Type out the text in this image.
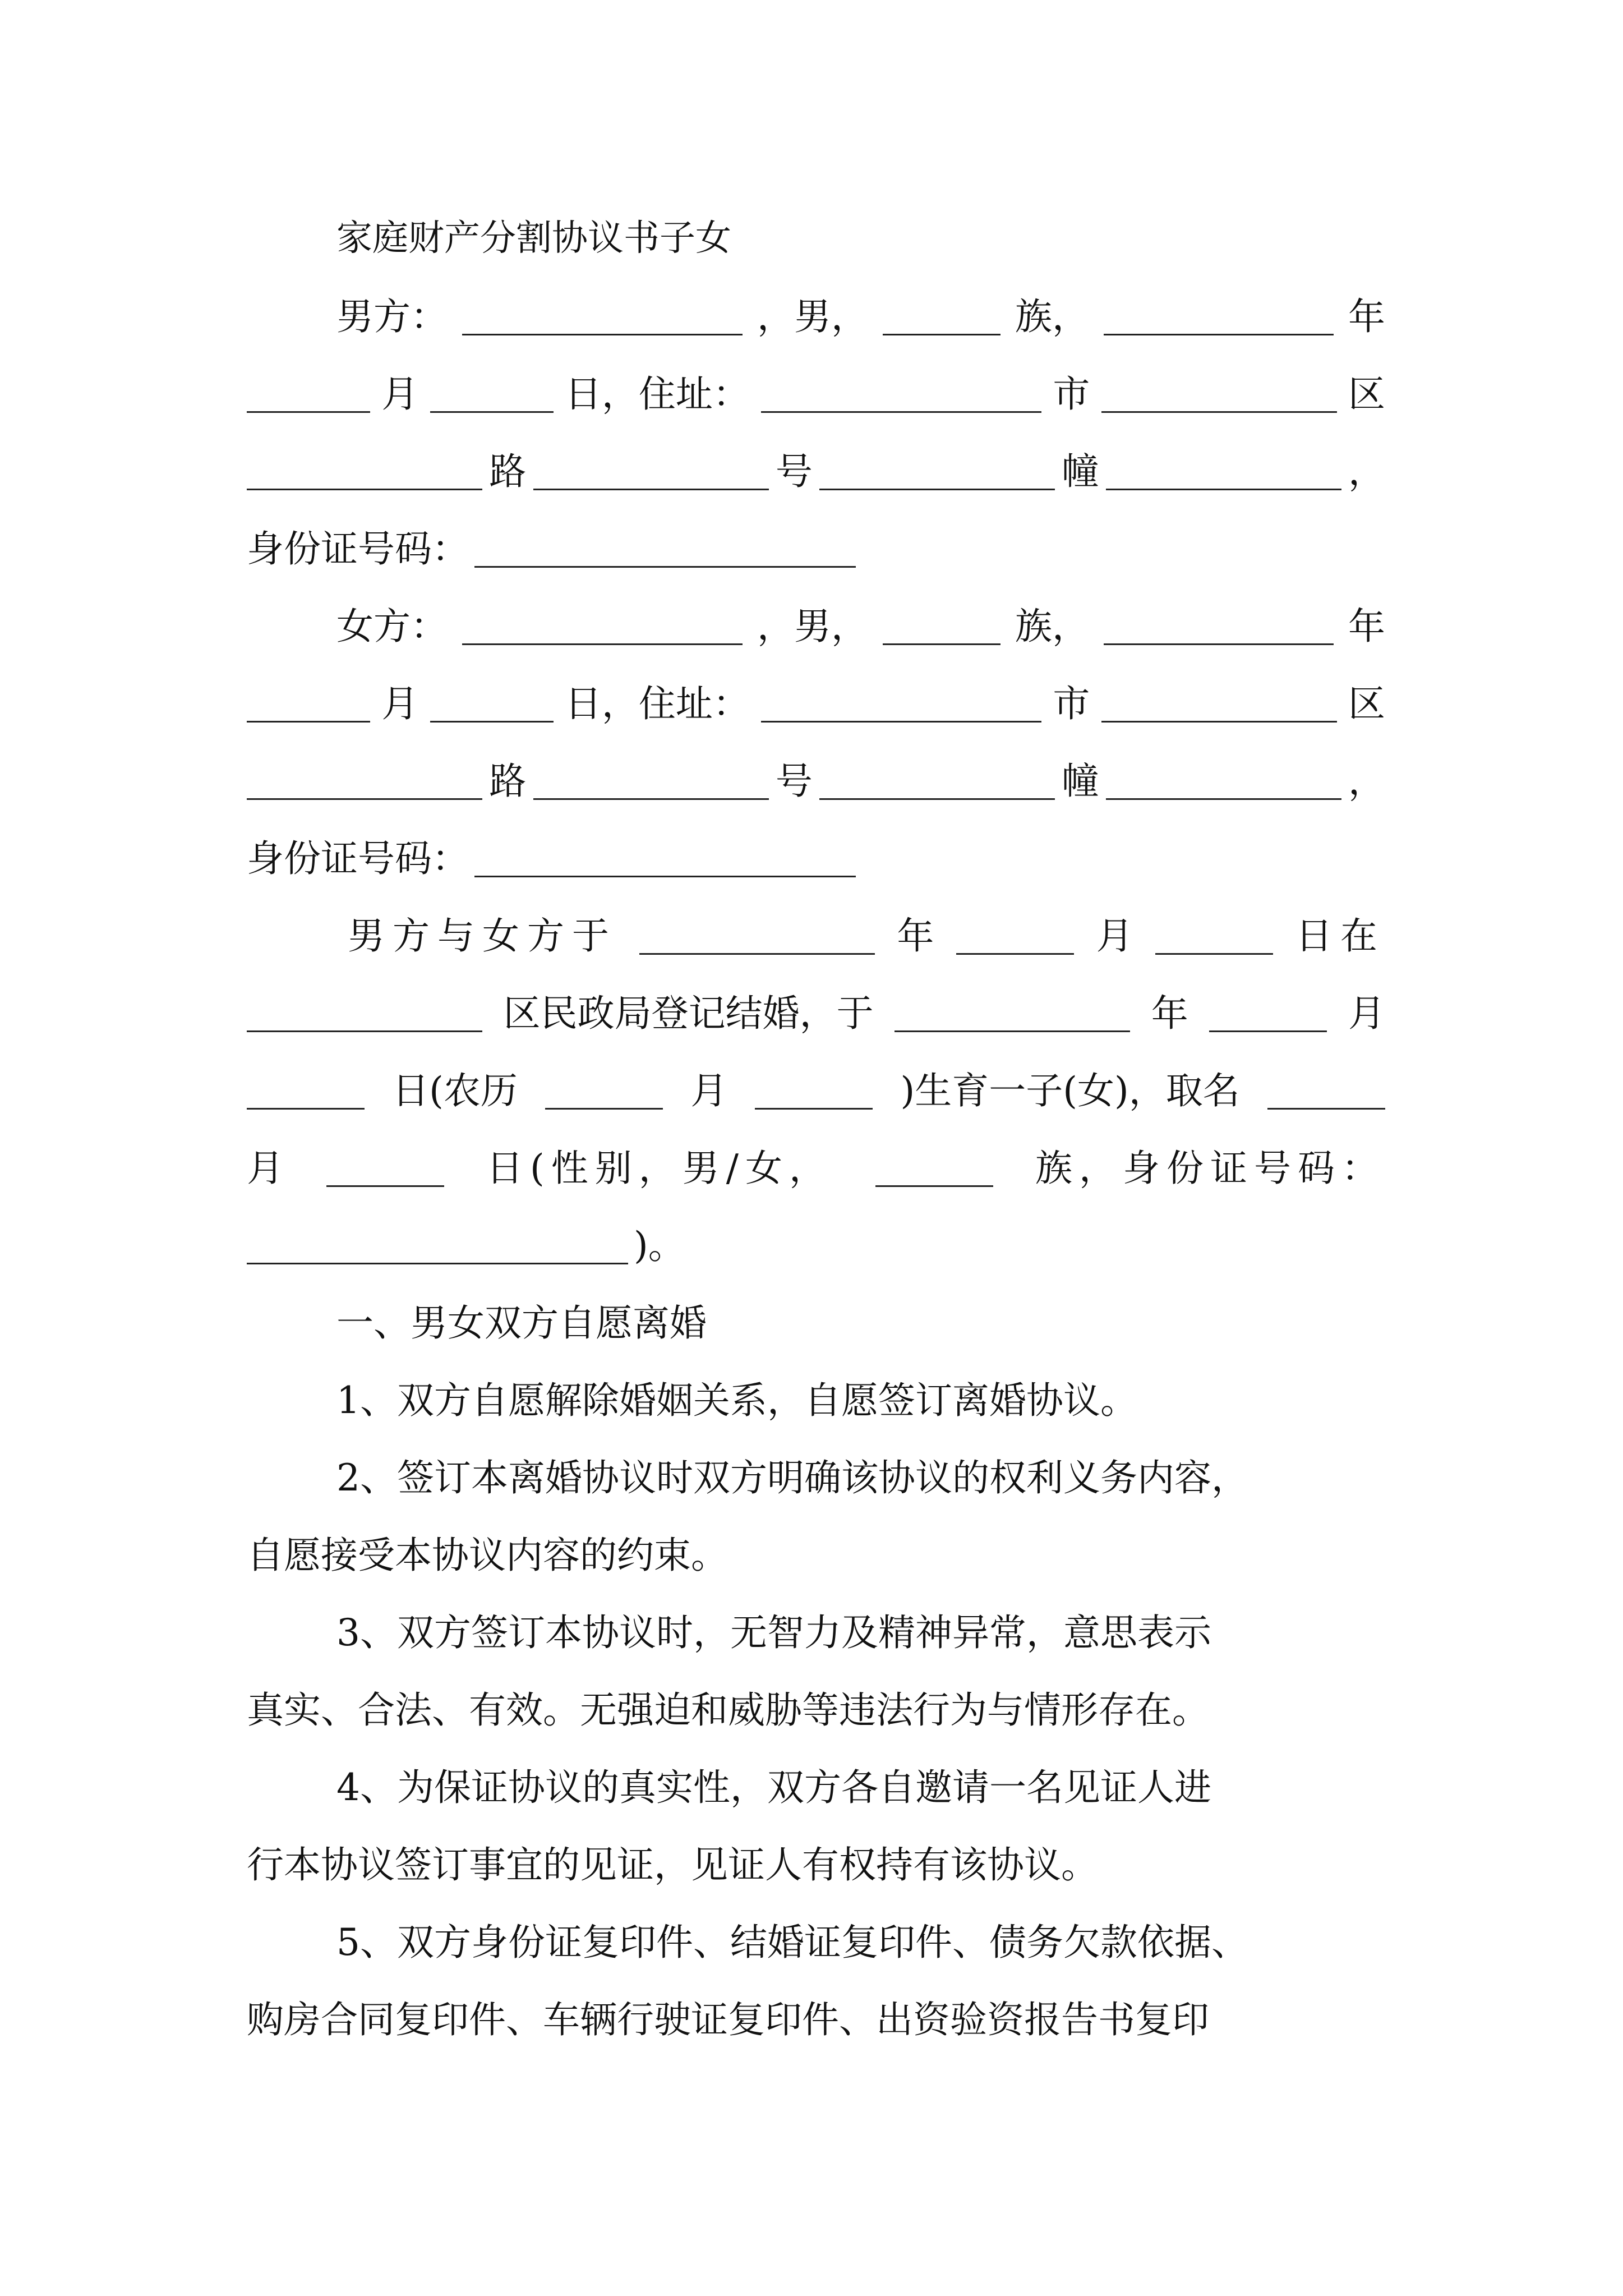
家庭财产分割协议书子女
男方：	，男，	族，	年
月	日，住址：	市	区
路	号	幢	，
身份证号码：
女方：	，男，	族，	年
月	日，住址：	市	区
路	号	幢	，
身份证号码：
男方与女方于	年	月	日在
区民政局登记结婚，于	年	月
日(农历	月	)生育一子(女)，取名
月	日(性别，男/女，	族，身份证号码：
)。
一、男女双方自愿离婚
1、双方自愿解除婚姻关系，自愿签订离婚协议。
2、签订本离婚协议时双方明确该协议的权利义务内容，
自愿接受本协议内容的约束。
3、双方签订本协议时，无智力及精神异常，意思表示
真实、合法、有效。无强迫和威胁等违法行为与情形存在。
4、为保证协议的真实性，双方各自邀请一名见证人进
行本协议签订事宜的见证，见证人有权持有该协议。
5、双方身份证复印件、结婚证复印件、债务欠款依据、
购房合同复印件、车辆行驶证复印件、出资验资报告书复印
